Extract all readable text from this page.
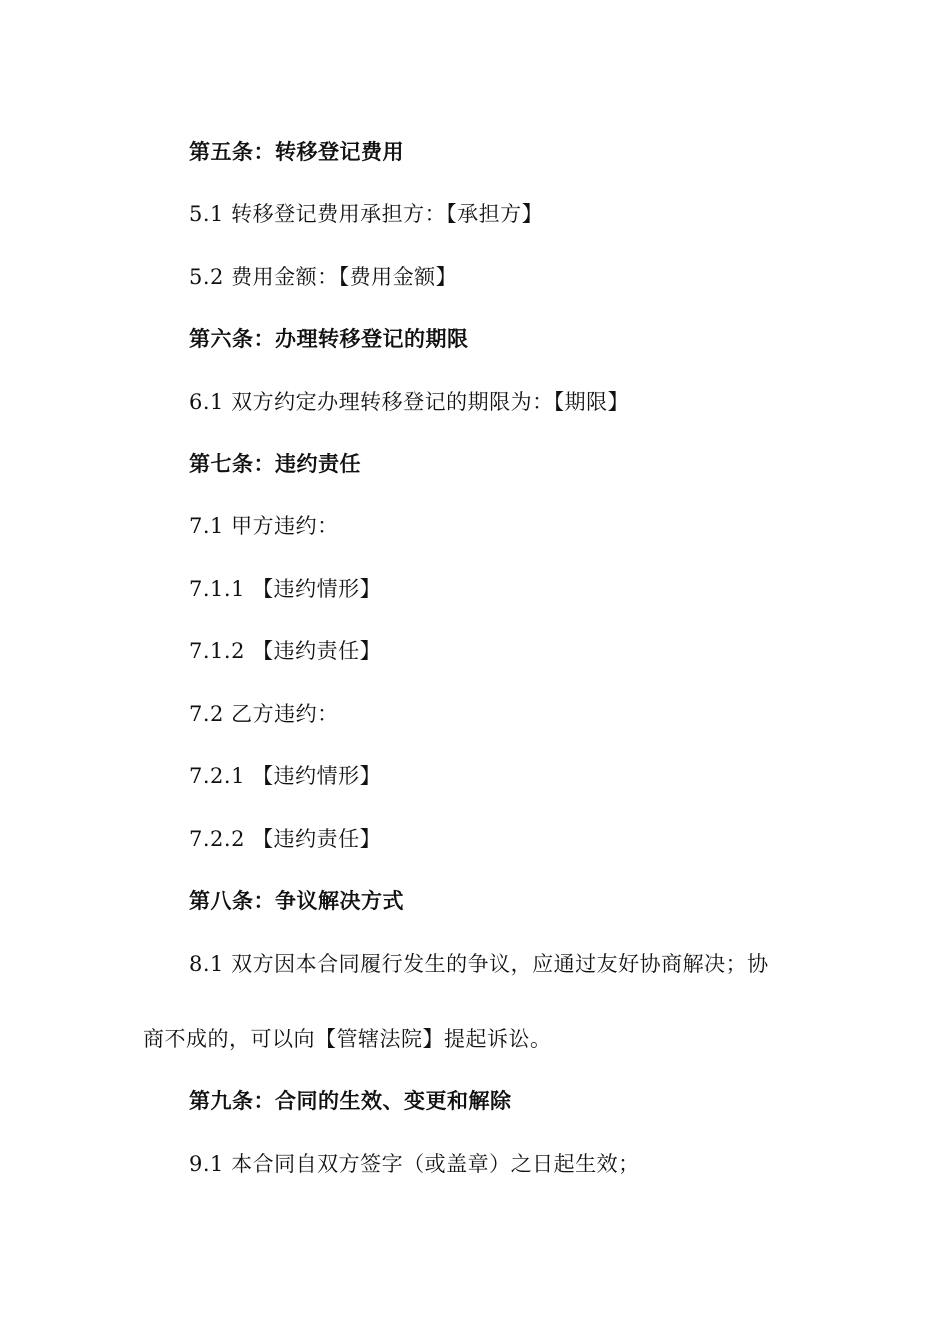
第五条：转移登记费用
5.1 转移登记费用承担方：【承担方】
5.2 费用金额：【费用金额】
第六条：办理转移登记的期限
6.1 双方约定办理转移登记的期限为：【期限】
第七条：违约责任
7.1 甲方违约：
7.1.1 【违约情形】
7.1.2 【违约责任】
7.2 乙方违约：
7.2.1 【违约情形】
7.2.2 【违约责任】
第八条：争议解决方式
8.1 双方因本合同履行发生的争议，应通过友好协商解决；协
商不成的，可以向【管辖法院】提起诉讼。
第九条：合同的生效、变更和解除
9.1 本合同自双方签字（或盖章）之日起生效；
